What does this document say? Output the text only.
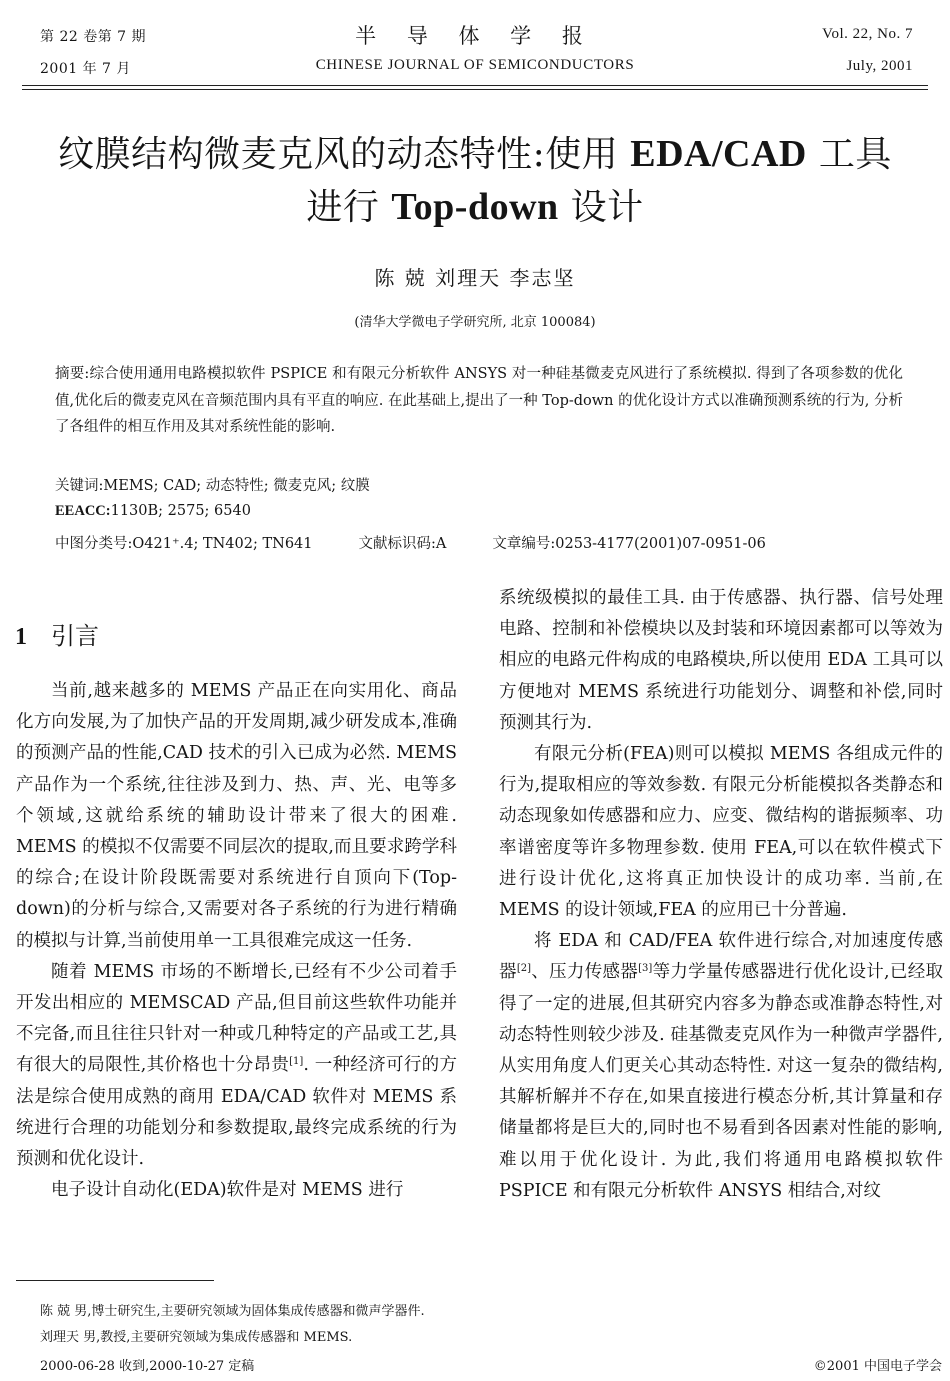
第 22 卷第 7 期	半 导 体 学 报	Vol. 22, No. 7
2001 年 7 月	CHINESE JOURNAL OF SEMICONDUCTORS	July, 2001
纹膜结构微麦克风的动态特性:使用 EDA/CAD 工具
进行 Top-down 设计
陈 兢 刘理天 李志坚
(清华大学微电子学研究所, 北京 100084)
摘要:综合使用通用电路模拟软件 PSPICE 和有限元分析软件 ANSYS 对一种硅基微麦克风进行了系统模拟. 得到了各项参数的优化值,优化后的微麦克风在音频范围内具有平直的响应. 在此基础上,提出了一种 Top-down 的优化设计方式以准确预测系统的行为, 分析了各组件的相互作用及其对系统性能的影响.
关键词:MEMS; CAD; 动态特性; 微麦克风; 纹膜
EEACC:1130B; 2575; 6540
中图分类号:O421⁺.4; TN402; TN641	文献标识码:A	文章编号:0253-4177(2001)07-0951-06
1 引言

当前,越来越多的 MEMS 产品正在向实用化、商品化方向发展,为了加快产品的开发周期,减少研发成本,准确的预测产品的性能,CAD 技术的引入已成为必然. MEMS 产品作为一个系统,往往涉及到力、热、声、光、电等多个领域,这就给系统的辅助设计带来了很大的困难. MEMS 的模拟不仅需要不同层次的提取,而且要求跨学科的综合;在设计阶段既需要对系统进行自顶向下(Top-down)的分析与综合,又需要对各子系统的行为进行精确的模拟与计算,当前使用单一工具很难完成这一任务.

随着 MEMS 市场的不断增长,已经有不少公司着手开发出相应的 MEMSCAD 产品,但目前这些软件功能并不完备,而且往往只针对一种或几种特定的产品或工艺,具有很大的局限性,其价格也十分昂贵[1]. 一种经济可行的方法是综合使用成熟的商用 EDA/CAD 软件对 MEMS 系统进行合理的功能划分和参数提取,最终完成系统的行为预测和优化设计.

电子设计自动化(EDA)软件是对 MEMS 进行

系统级模拟的最佳工具. 由于传感器、执行器、信号处理电路、控制和补偿模块以及封装和环境因素都可以等效为相应的电路元件构成的电路模块,所以使用 EDA 工具可以方便地对 MEMS 系统进行功能划分、调整和补偿,同时预测其行为.

有限元分析(FEA)则可以模拟 MEMS 各组成元件的行为,提取相应的等效参数. 有限元分析能模拟各类静态和动态现象如传感器和应力、应变、微结构的谐振频率、功率谱密度等许多物理参数. 使用 FEA,可以在软件模式下进行设计优化,这将真正加快设计的成功率. 当前,在 MEMS 的设计领域,FEA 的应用已十分普遍.

将 EDA 和 CAD/FEA 软件进行综合,对加速度传感器[2]、压力传感器[3]等力学量传感器进行优化设计,已经取得了一定的进展,但其研究内容多为静态或准静态特性,对动态特性则较少涉及. 硅基微麦克风作为一种微声学器件,从实用角度人们更关心其动态特性. 对这一复杂的微结构,其解析解并不存在,如果直接进行模态分析,其计算量和存储量都将是巨大的,同时也不易看到各因素对性能的影响,难以用于优化设计. 为此,我们将通用电路模拟软件 PSPICE 和有限元分析软件 ANSYS 相结合,对纹

陈 兢 男,博士研究生,主要研究领域为固体集成传感器和微声学器件.
刘理天 男,教授,主要研究领域为集成传感器和 MEMS.
2000-06-28 收到,2000-10-27 定稿	©2001 中国电子学会
